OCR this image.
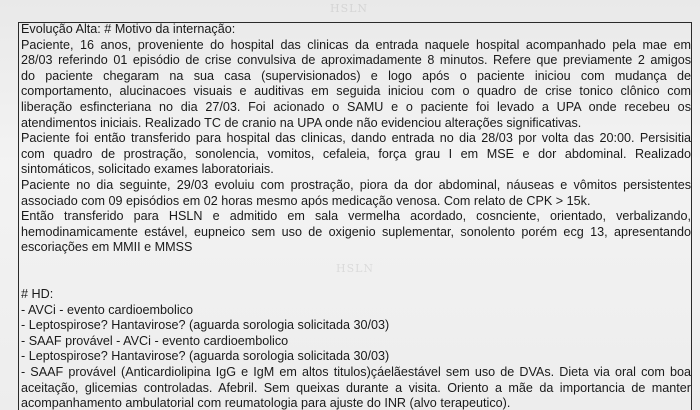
HSLN
HSLN
Evolução Alta: # Motivo da internação:
Paciente, 16 anos, proveniente do hospital das clinicas da entrada naquele hospital acompanhado pela mae em
28/03 referindo 01 episódio de crise convulsiva de aproximadamente 8 minutos. Refere que previamente 2 amigos
do paciente chegaram na sua casa (supervisionados) e logo após o paciente iniciou com mudança de
comportamento, alucinacoes visuais e auditivas em seguida iniciou com o quadro de crise tonico clônico com
liberação esfincteriana no dia 27/03. Foi acionado o SAMU e o paciente foi levado a UPA onde recebeu os
atendimentos iniciais. Realizado TC de cranio na UPA onde não evidenciou alterações significativas.
Paciente foi então transferido para hospital das clinicas, dando entrada no dia 28/03 por volta das 20:00. Persisitia
com quadro de prostração, sonolencia, vomitos, cefaleia, força grau I em MSE e dor abdominal. Realizado
sintomáticos, solicitado exames laboratoriais.
Paciente no dia seguinte, 29/03 evoluiu com prostração, piora da dor abdominal, náuseas e vômitos persistentes
associado com 09 episódios em 02 horas mesmo após medicação venosa. Com relato de CPK > 15k.
Então transferido para HSLN e admitido em sala vermelha acordado, cosnciente, orientado, verbalizando,
hemodinamicamente estável, eupneico sem uso de oxigenio suplementar, sonolento porém ecg 13, apresentando
escoriações em MMII e MMSS
# HD:
- AVCi - evento cardioembolico
- Leptospirose? Hantavirose? (aguarda sorologia solicitada 30/03)
- SAAF provável - AVCi - evento cardioembolico
- Leptospirose? Hantavirose? (aguarda sorologia solicitada 30/03)
- SAAF provável (Anticardiolipina IgG e IgM em altos titulos)çáelãestável sem uso de DVAs. Dieta via oral com boa
aceitação, glicemias controladas. Afebril. Sem queixas durante a visita. Oriento a mãe da importancia de manter
acompanhamento ambulatorial com reumatologia para ajuste do INR (alvo terapeutico).
